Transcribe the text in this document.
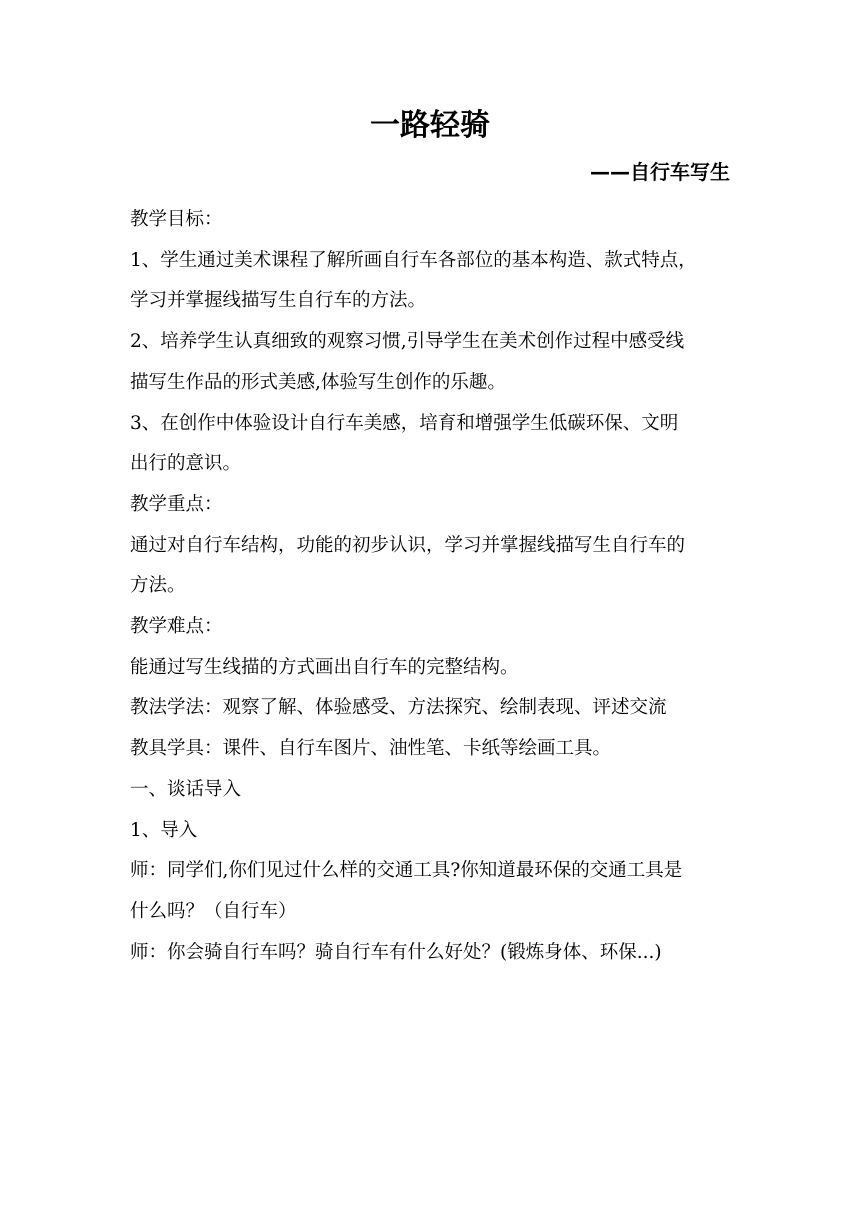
一路轻骑
——自行车写生

教学目标：

1、学生通过美术课程了解所画自行车各部位的基本构造、款式特点，

学习并掌握线描写生自行车的方法。

2、培养学生认真细致的观察习惯,引导学生在美术创作过程中感受线

描写生作品的形式美感,体验写生创作的乐趣。

3、在创作中体验设计自行车美感，培育和增强学生低碳环保、文明

出行的意识。

教学重点：

通过对自行车结构，功能的初步认识，学习并掌握线描写生自行车的

方法。

教学难点：

能通过写生线描的方式画出自行车的完整结构。

教法学法：观察了解、体验感受、方法探究、绘制表现、评述交流

教具学具：课件、自行车图片、油性笔、卡纸等绘画工具。

一、谈话导入

1、导入

师：同学们,你们见过什么样的交通工具?你知道最环保的交通工具是

什么吗？（自行车）

师：你会骑自行车吗？骑自行车有什么好处？(锻炼身体、环保...)
